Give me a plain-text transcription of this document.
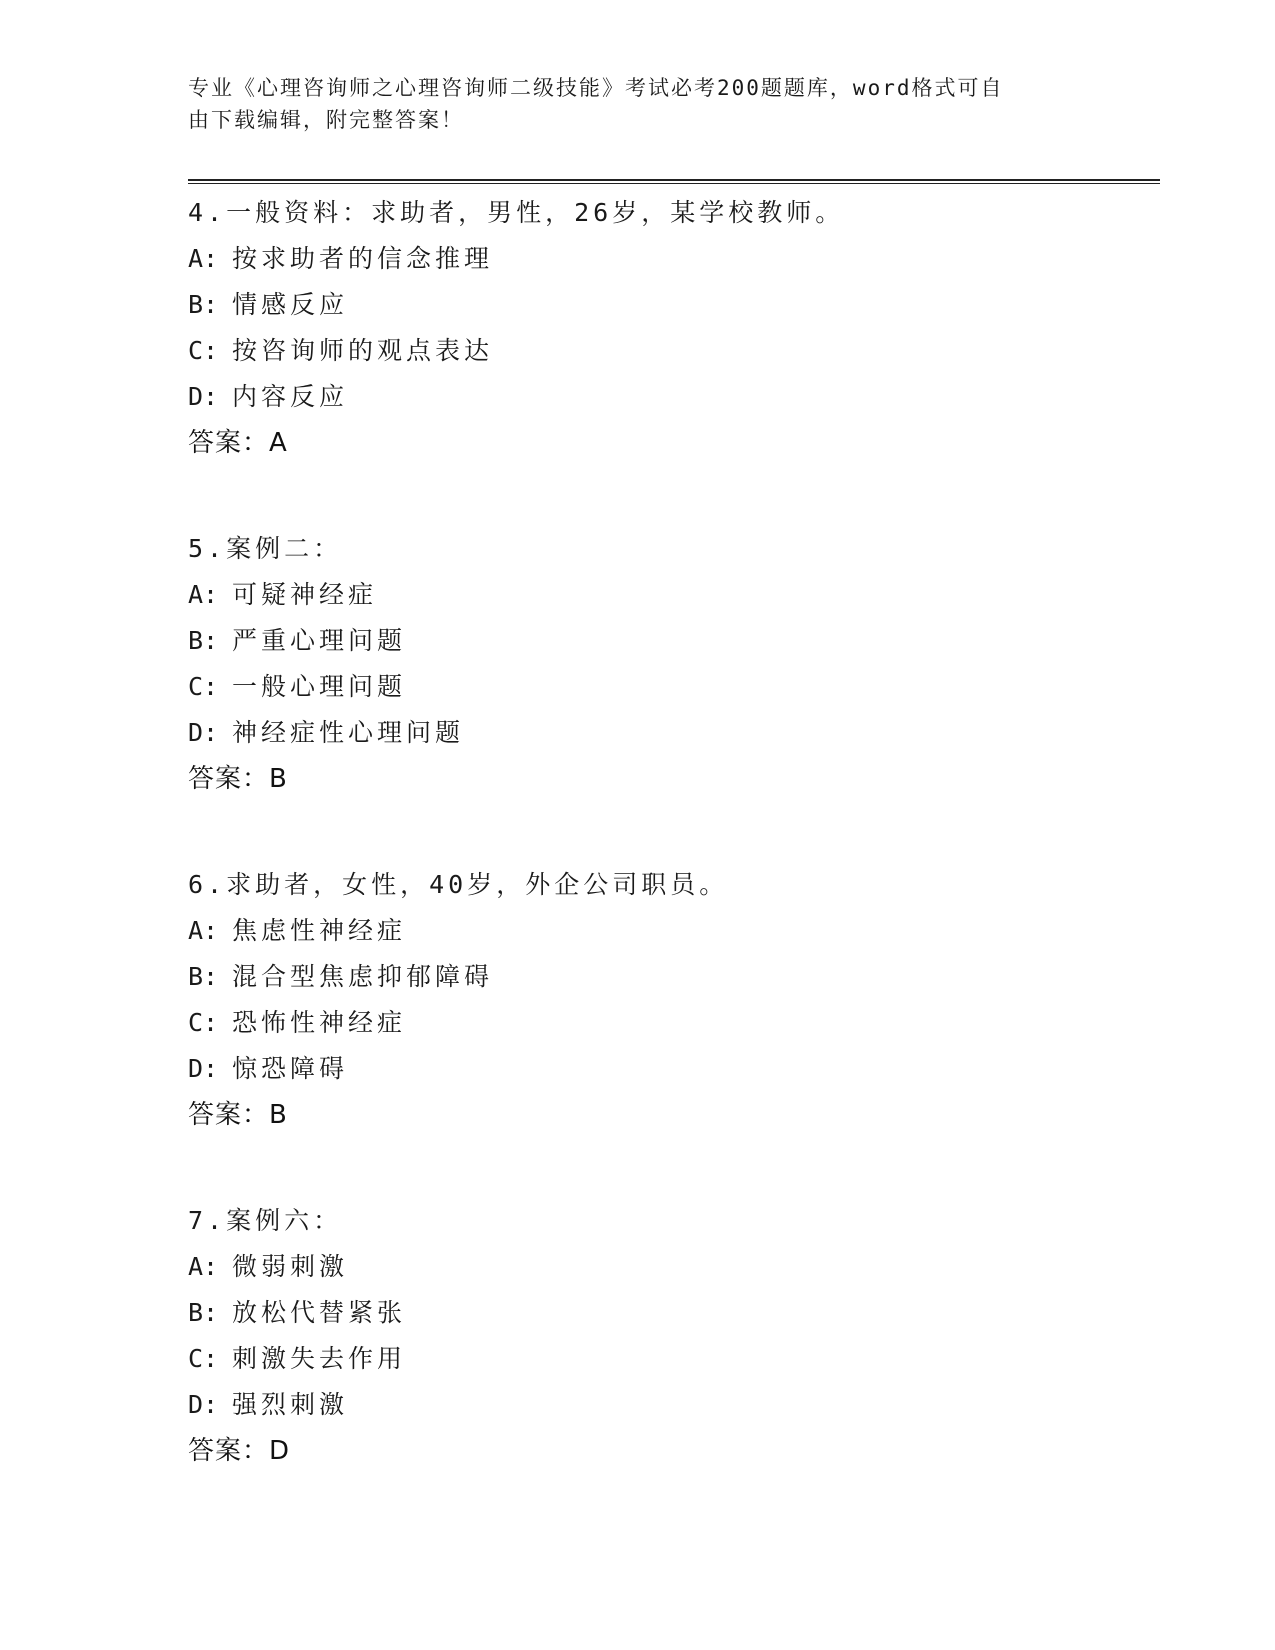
专业《心理咨询师之心理咨询师二级技能》考试必考200题题库，word格式可自
由下载编辑，附完整答案！
4.一般资料：求助者，男性，26岁，某学校教师。
A: 按求助者的信念推理
B: 情感反应
C: 按咨询师的观点表达
D: 内容反应
答案：A
5.案例二：
A: 可疑神经症
B: 严重心理问题
C: 一般心理问题
D: 神经症性心理问题
答案：B
6.求助者，女性，40岁，外企公司职员。
A: 焦虑性神经症
B: 混合型焦虑抑郁障碍
C: 恐怖性神经症
D: 惊恐障碍
答案：B
7.案例六：
A: 微弱刺激
B: 放松代替紧张
C: 刺激失去作用
D: 强烈刺激
答案：D
